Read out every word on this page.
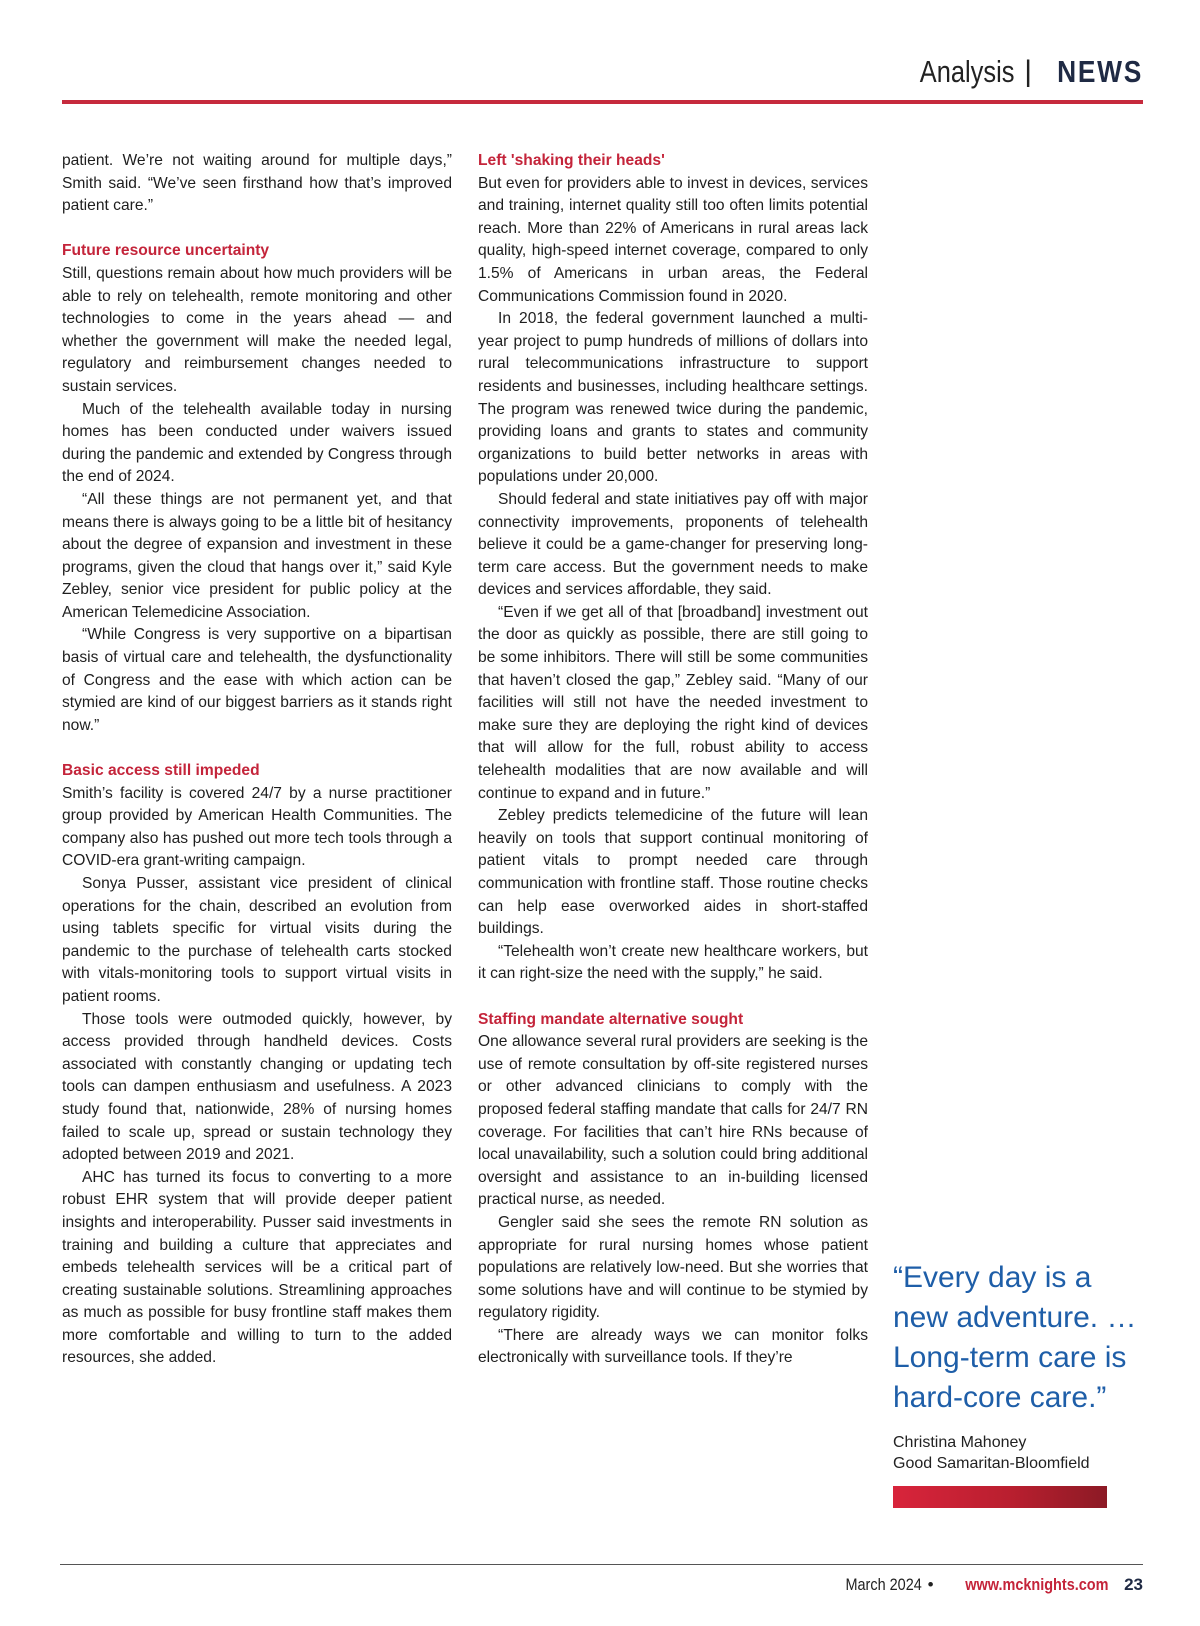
Analysis | NEWS

patient. We’re not waiting around for multiple days,” Smith said. “We’ve seen firsthand how that’s improved patient care.”

Future resource uncertainty

Still, questions remain about how much providers will be able to rely on telehealth, remote monitoring and other technologies to come in the years ahead — and whether the government will make the needed legal, regulatory and reimbursement changes needed to sustain services.

Much of the telehealth available today in nursing homes has been conducted under waivers issued during the pandemic and extended by Congress through the end of 2024.

“All these things are not permanent yet, and that means there is always going to be a little bit of hesitancy about the degree of expansion and investment in these programs, given the cloud that hangs over it,” said Kyle Zebley, senior vice president for public policy at the American Telemedicine Association.

“While Congress is very supportive on a bipartisan basis of virtual care and telehealth, the dysfunctionality of Congress and the ease with which action can be stymied are kind of our biggest barriers as it stands right now.”

Basic access still impeded

Smith’s facility is covered 24/7 by a nurse practitioner group provided by American Health Communities. The company also has pushed out more tech tools through a COVID-era grant-writing campaign.

Sonya Pusser, assistant vice president of clinical operations for the chain, described an evolution from using tablets specific for virtual visits during the pandemic to the purchase of telehealth carts stocked with vitals-monitoring tools to support virtual visits in patient rooms.

Those tools were outmoded quickly, however, by access provided through handheld devices. Costs associated with constantly changing or updating tech tools can dampen enthusiasm and usefulness. A 2023 study found that, nationwide, 28% of nursing homes failed to scale up, spread or sustain technology they adopted between 2019 and 2021.

AHC has turned its focus to converting to a more robust EHR system that will provide deeper patient insights and interoperability. Pusser said investments in training and building a culture that appreciates and embeds telehealth services will be a critical part of creating sustainable solutions. Streamlining approaches as much as possible for busy frontline staff makes them more comfortable and willing to turn to the added resources, she added.

Left 'shaking their heads'

But even for providers able to invest in devices, services and training, internet quality still too often limits potential reach. More than 22% of Americans in rural areas lack quality, high-speed internet coverage, compared to only 1.5% of Americans in urban areas, the Federal Communications Commission found in 2020.

In 2018, the federal government launched a multi-year project to pump hundreds of millions of dollars into rural telecommunications infrastructure to support residents and businesses, including healthcare settings. The program was renewed twice during the pandemic, providing loans and grants to states and community organizations to build better networks in areas with populations under 20,000.

Should federal and state initiatives pay off with major connectivity improvements, proponents of telehealth believe it could be a game-changer for preserving long-term care access. But the government needs to make devices and services affordable, they said.

“Even if we get all of that [broadband] investment out the door as quickly as possible, there are still going to be some inhibitors. There will still be some communities that haven’t closed the gap,” Zebley said. “Many of our facilities will still not have the needed investment to make sure they are deploying the right kind of devices that will allow for the full, robust ability to access telehealth modalities that are now available and will continue to expand and in future.”

Zebley predicts telemedicine of the future will lean heavily on tools that support continual monitoring of patient vitals to prompt needed care through communication with frontline staff. Those routine checks can help ease overworked aides in short-staffed buildings.

“Telehealth won’t create new healthcare workers, but it can right-size the need with the supply,” he said.

Staffing mandate alternative sought

One allowance several rural providers are seeking is the use of remote consultation by off-site registered nurses or other advanced clinicians to comply with the proposed federal staffing mandate that calls for 24/7 RN coverage. For facilities that can’t hire RNs because of local unavailability, such a solution could bring additional oversight and assistance to an in-building licensed practical nurse, as needed.

Gengler said she sees the remote RN solution as appropriate for rural nursing homes whose patient populations are relatively low-need. But she worries that some solutions have and will continue to be stymied by regulatory rigidity.

“There are already ways we can monitor folks electronically with surveillance tools. If they’re

“Every day is a new adventure. … Long-term care is hard-core care.”

Christina Mahoney

Good Samaritan-Bloomfield

March 2024 • www.mcknights.com 23
